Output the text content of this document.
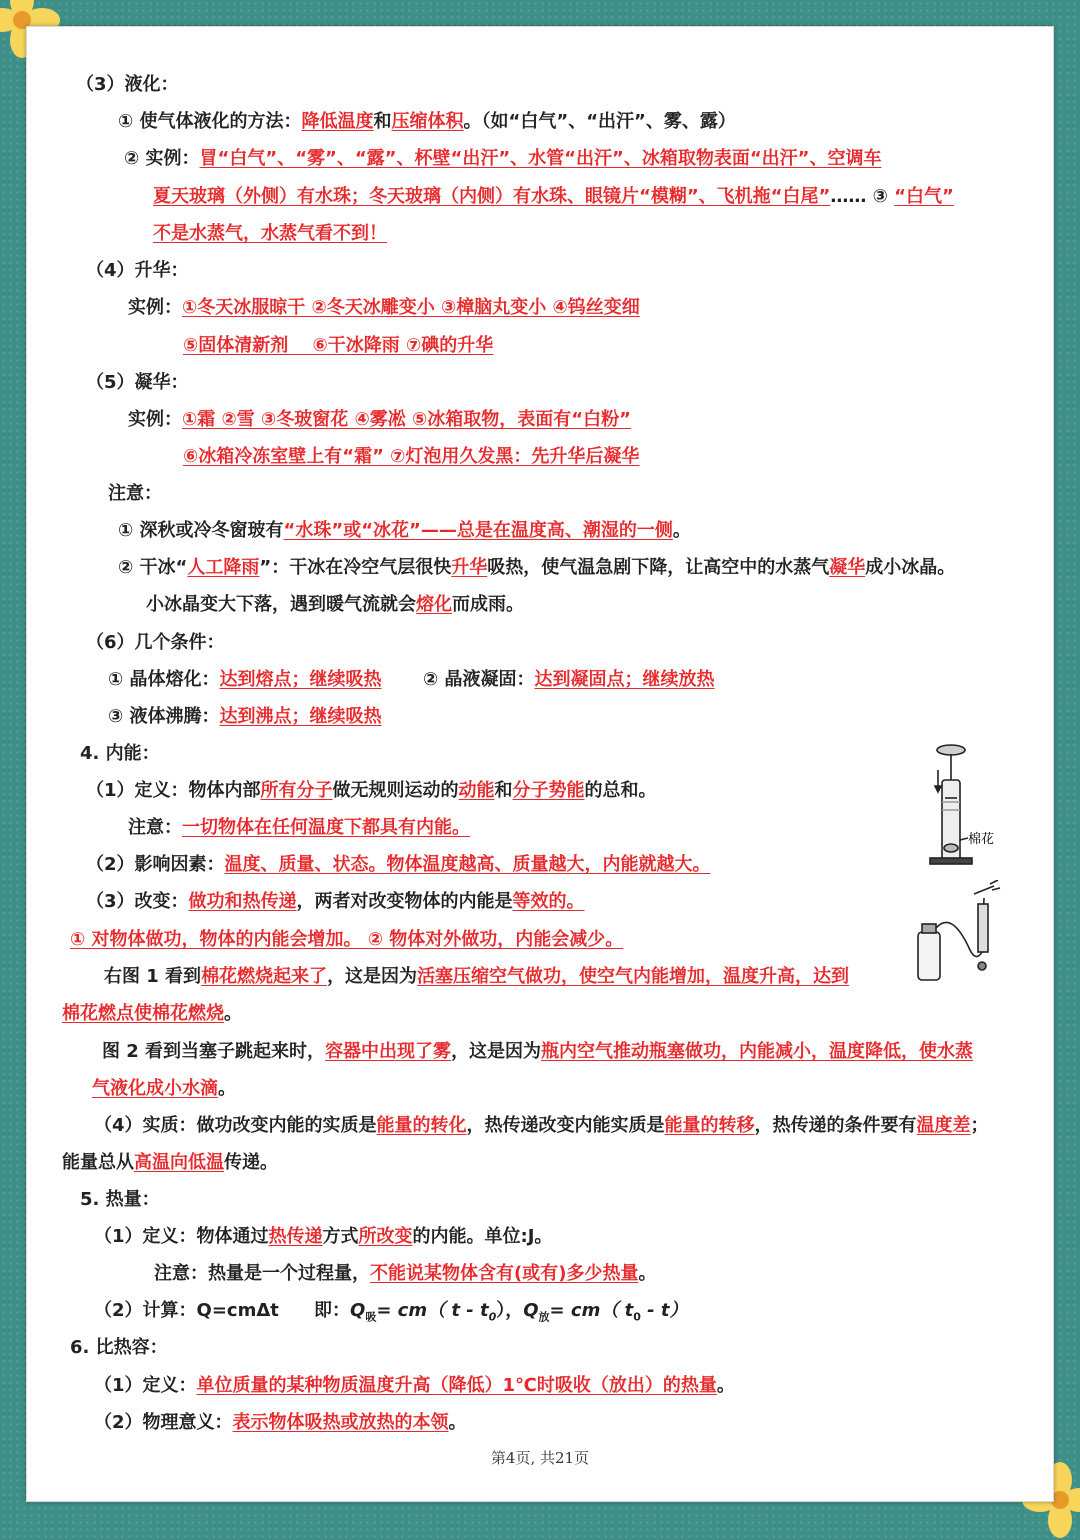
（3）液化：
① 使气体液化的方法：降低温度和压缩体积。（如“白气”、“出汗”、雾、露）
② 实例：冒“白气”、“雾”、“露”、杯壁“出汗”、水管“出汗”、冰箱取物表面“出汗”、空调车
夏天玻璃（外侧）有水珠；冬天玻璃（内侧）有水珠、眼镜片“模糊”、飞机拖“白尾”…… ③ “白气”
不是水蒸气，水蒸气看不到！
（4）升华：
实例：①冬天冰服晾干 ②冬天冰雕变小 ③樟脑丸变小 ④钨丝变细
⑤固体清新剂　 ⑥干冰降雨 ⑦碘的升华
（5）凝华：
实例：①霜 ②雪 ③冬玻窗花 ④雾凇 ⑤冰箱取物，表面有“白粉”
⑥冰箱冷冻室壁上有“霜” ⑦灯泡用久发黑：先升华后凝华
注意：
① 深秋或冷冬窗玻有“水珠”或“冰花”——总是在温度高、潮湿的一侧。
② 干冰“人工降雨”：干冰在冷空气层很快升华吸热，使气温急剧下降，让高空中的水蒸气凝华成小冰晶。
小冰晶变大下落，遇到暖气流就会熔化而成雨。
（6）几个条件：
① 晶体熔化：达到熔点；继续吸热 ② 晶液凝固：达到凝固点；继续放热
③ 液体沸腾：达到沸点；继续吸热
4. 内能：
（1）定义：物体内部所有分子做无规则运动的动能和分子势能的总和。
注意：一切物体在任何温度下都具有内能。
（2）影响因素：温度、质量、状态。物体温度越高、质量越大，内能就越大。
（3）改变：做功和热传递，两者对改变物体的内能是等效的。
① 对物体做功，物体的内能会增加。 ② 物体对外做功，内能会减少。
右图 1 看到棉花燃烧起来了，这是因为活塞压缩空气做功，使空气内能增加，温度升高，达到
棉花燃点使棉花燃烧。
图 2 看到当塞子跳起来时，容器中出现了雾，这是因为瓶内空气推动瓶塞做功，内能减小，温度降低，使水蒸
气液化成小水滴。
（4）实质：做功改变内能的实质是能量的转化，热传递改变内能实质是能量的转移，热传递的条件要有温度差；
能量总从高温向低温传递。
5. 热量：
（1）定义：物体通过热传递方式所改变的内能。单位:J。
注意：热量是一个过程量，不能说某物体含有(或有)多少热量。
（2）计算：Q=cmΔt 即：$Q_吸= cm$（ t - $t_0$），$Q_放= cm$（ $t_0 - t$）
6. 比热容：
（1）定义：单位质量的某种物质温度升高（降低）1℃时吸收（放出）的热量。
（2）物理意义：表示物体吸热或放热的本领。
棉花
第4页, 共21页
